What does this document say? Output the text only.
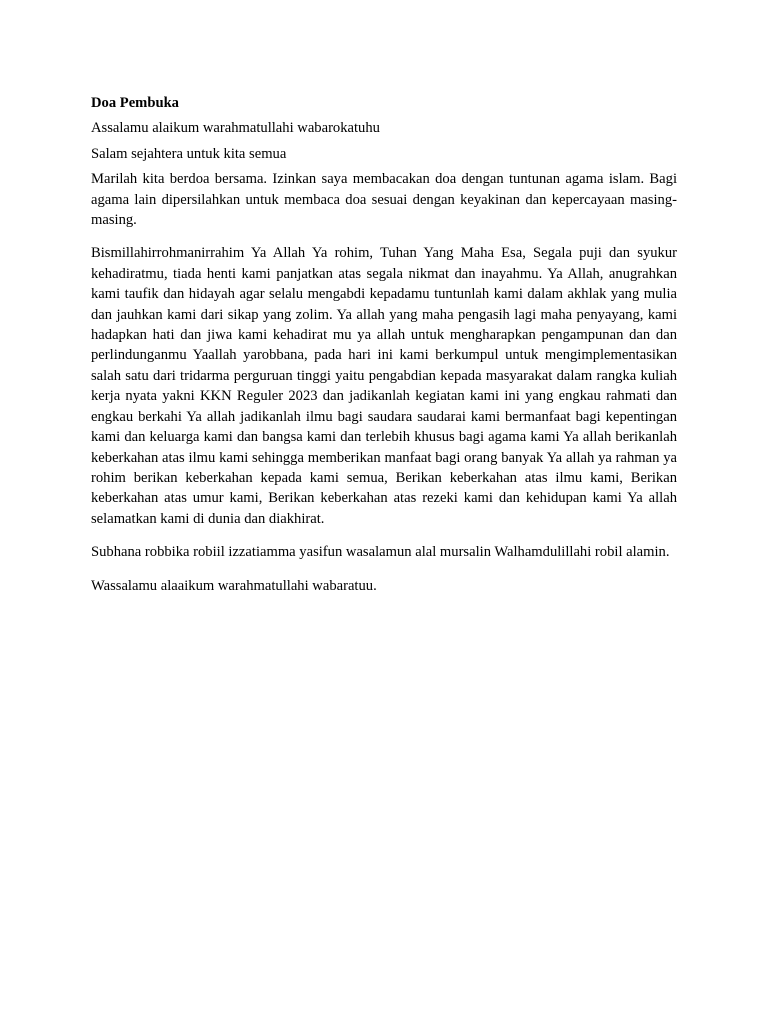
Doa Pembuka
Assalamu alaikum warahmatullahi wabarokatuhu
Salam sejahtera untuk kita semua
Marilah kita berdoa bersama. Izinkan saya membacakan doa dengan tuntunan agama islam. Bagi agama lain dipersilahkan untuk membaca doa sesuai dengan keyakinan dan kepercayaan masing-masing.
Bismillahirrohmanirrahim Ya Allah Ya rohim, Tuhan Yang Maha Esa, Segala puji dan syukur kehadiratmu, tiada henti kami panjatkan atas segala nikmat dan inayahmu. Ya Allah, anugrahkan kami taufik dan hidayah agar selalu mengabdi kepadamu tuntunlah kami dalam akhlak yang mulia dan jauhkan kami dari sikap yang zolim. Ya allah yang maha pengasih lagi maha penyayang, kami hadapkan hati dan jiwa kami kehadirat mu ya allah untuk mengharapkan pengampunan dan dan perlindunganmu Yaallah yarobbana, pada hari ini kami berkumpul untuk mengimplementasikan salah satu dari tridarma perguruan tinggi yaitu pengabdian kepada masyarakat dalam rangka kuliah kerja nyata yakni KKN Reguler 2023 dan jadikanlah kegiatan kami ini yang engkau rahmati dan engkau berkahi Ya allah jadikanlah ilmu bagi saudara saudarai kami bermanfaat bagi kepentingan kami dan keluarga kami dan bangsa kami dan terlebih khusus bagi agama kami Ya allah berikanlah keberkahan atas ilmu kami sehingga memberikan manfaat bagi orang banyak Ya allah ya rahman ya rohim berikan keberkahan kepada kami semua, Berikan keberkahan atas ilmu kami, Berikan keberkahan atas umur kami, Berikan keberkahan atas rezeki kami dan kehidupan kami Ya allah selamatkan kami di dunia dan diakhirat.
Subhana robbika robiil izzatiamma yasifun wasalamun alal mursalin Walhamdulillahi robil alamin.
Wassalamu alaaikum warahmatullahi wabaratuu.
